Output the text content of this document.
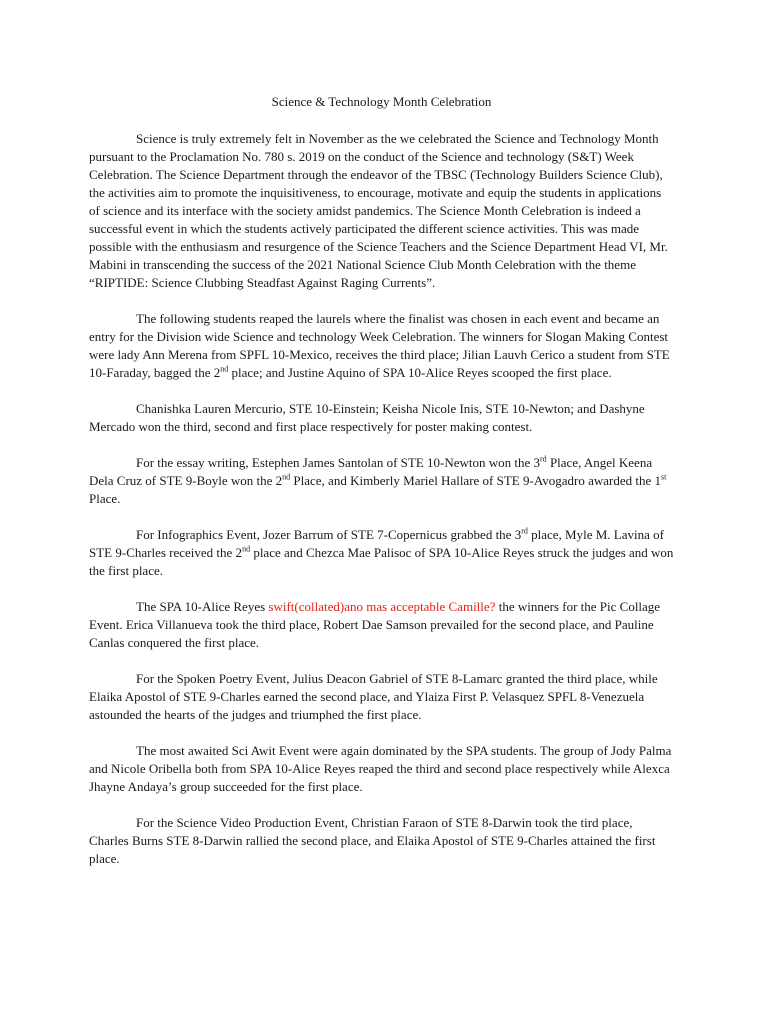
Science & Technology Month Celebration

Science is truly extremely felt in November as the we celebrated the Science and Technology Month pursuant to the Proclamation No. 780 s. 2019 on the conduct of the Science and technology (S&T) Week Celebration. The Science Department through the endeavor of the TBSC (Technology Builders Science Club), the activities aim to promote the inquisitiveness, to encourage, motivate and equip the students in applications of science and its interface with the society amidst pandemics. The Science Month Celebration is indeed a successful event in which the students actively participated the different science activities. This was made possible with the enthusiasm and resurgence of the Science Teachers and the Science Department Head VI, Mr. Mabini in transcending the success of the 2021 National Science Club Month Celebration with the theme “RIPTIDE: Science Clubbing Steadfast Against Raging Currents”.

The following students reaped the laurels where the finalist was chosen in each event and became an entry for the Division wide Science and technology Week Celebration. The winners for Slogan Making Contest were lady Ann Merena from SPFL 10-Mexico, receives the third place; Jilian Lauvh Cerico a student from STE 10-Faraday, bagged the 2nd place; and Justine Aquino of SPA 10-Alice Reyes scooped the first place.

Chanishka Lauren Mercurio, STE 10-Einstein; Keisha Nicole Inis, STE 10-Newton; and Dashyne Mercado won the third, second and first place respectively for poster making contest.

For the essay writing, Estephen James Santolan of STE 10-Newton won the 3rd Place, Angel Keena Dela Cruz of STE 9-Boyle won the 2nd Place, and Kimberly Mariel Hallare of STE 9-Avogadro awarded the 1st Place.

For Infographics Event, Jozer Barrum of STE 7-Copernicus grabbed the 3rd place, Myle M. Lavina of STE 9-Charles received the 2nd place and Chezca Mae Palisoc of SPA 10-Alice Reyes struck the judges and won the first place.

The SPA 10-Alice Reyes swift(collated)ano mas acceptable Camille? the winners for the Pic Collage Event. Erica Villanueva took the third place, Robert Dae Samson prevailed for the second place, and Pauline Canlas conquered the first place.

For the Spoken Poetry Event, Julius Deacon Gabriel of STE 8-Lamarc granted the third place, while Elaika Apostol of STE 9-Charles earned the second place, and Ylaiza First P. Velasquez SPFL 8-Venezuela astounded the hearts of the judges and triumphed the first place.

The most awaited Sci Awit Event were again dominated by the SPA students. The group of Jody Palma and Nicole Oribella both from SPA 10-Alice Reyes reaped the third and second place respectively while Alexca Jhayne Andaya’s group succeeded for the first place.

For the Science Video Production Event, Christian Faraon of STE 8-Darwin took the tird place, Charles Burns STE 8-Darwin rallied the second place, and Elaika Apostol of STE 9-Charles attained the first place.
